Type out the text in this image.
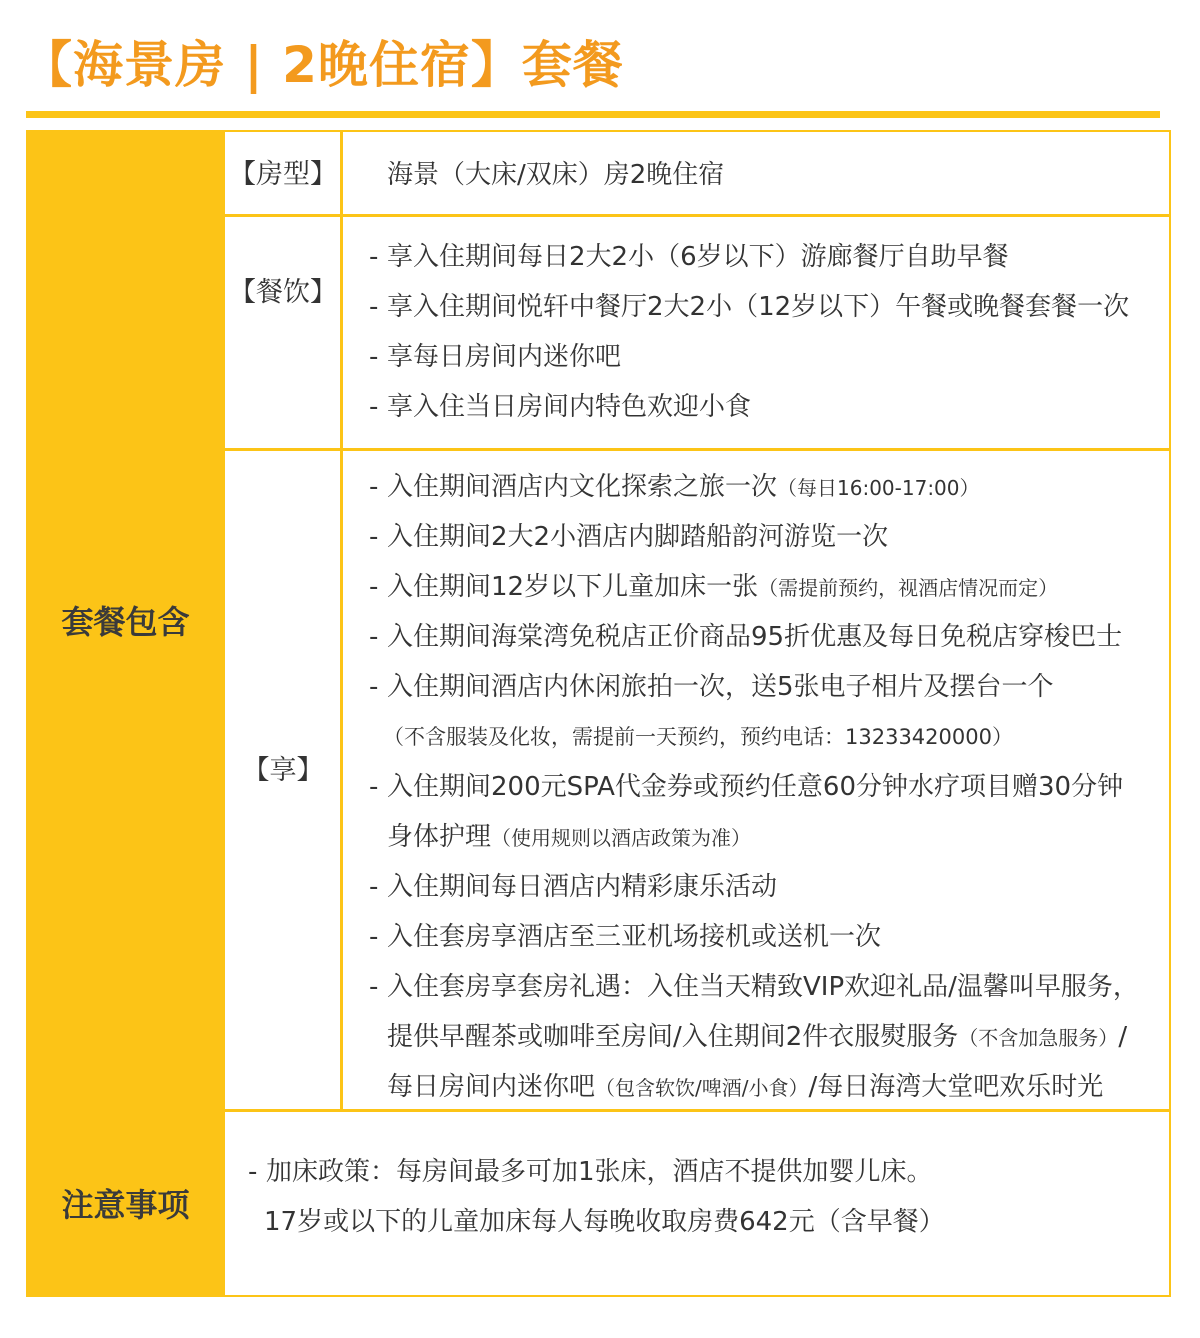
【海景房 | 2晚住宿】套餐
套餐包含
注意事项
【房型】	海景（大床/双床）房2晚住宿
【餐饮】
- 享入住期间每日2大2小（6岁以下）游廊餐厅自助早餐
- 享入住期间悦轩中餐厅2大2小（12岁以下）午餐或晚餐套餐一次
- 享每日房间内迷你吧
- 享入住当日房间内特色欢迎小食
【享】
- 入住期间酒店内文化探索之旅一次 （每日16:00-17:00）
- 入住期间2大2小酒店内脚踏船韵河游览一次
- 入住期间12岁以下儿童加床一张 （需提前预约，视酒店情况而定）
- 入住期间海棠湾免税店正价商品95折优惠及每日免税店穿梭巴士
- 入住期间酒店内休闲旅拍一次，送5张电子相片及摆台一个
（不含服装及化妆，需提前一天预约，预约电话：13233420000）
- 入住期间200元SPA代金券或预约任意60分钟水疗项目赠30分钟
身体护理 （使用规则以酒店政策为准）
- 入住期间每日酒店内精彩康乐活动
- 入住套房享酒店至三亚机场接机或送机一次
- 入住套房享套房礼遇：入住当天精致VIP欢迎礼品/温馨叫早服务，
提供早醒茶或咖啡至房间/入住期间2件衣服熨服务 （不含加急服务） /
每日房间内迷你吧 （包含软饮/啤酒/小食） /每日海湾大堂吧欢乐时光
- 加床政策：每房间最多可加1张床，酒店不提供加婴儿床。
17岁或以下的儿童加床每人每晚收取房费642元（含早餐）
